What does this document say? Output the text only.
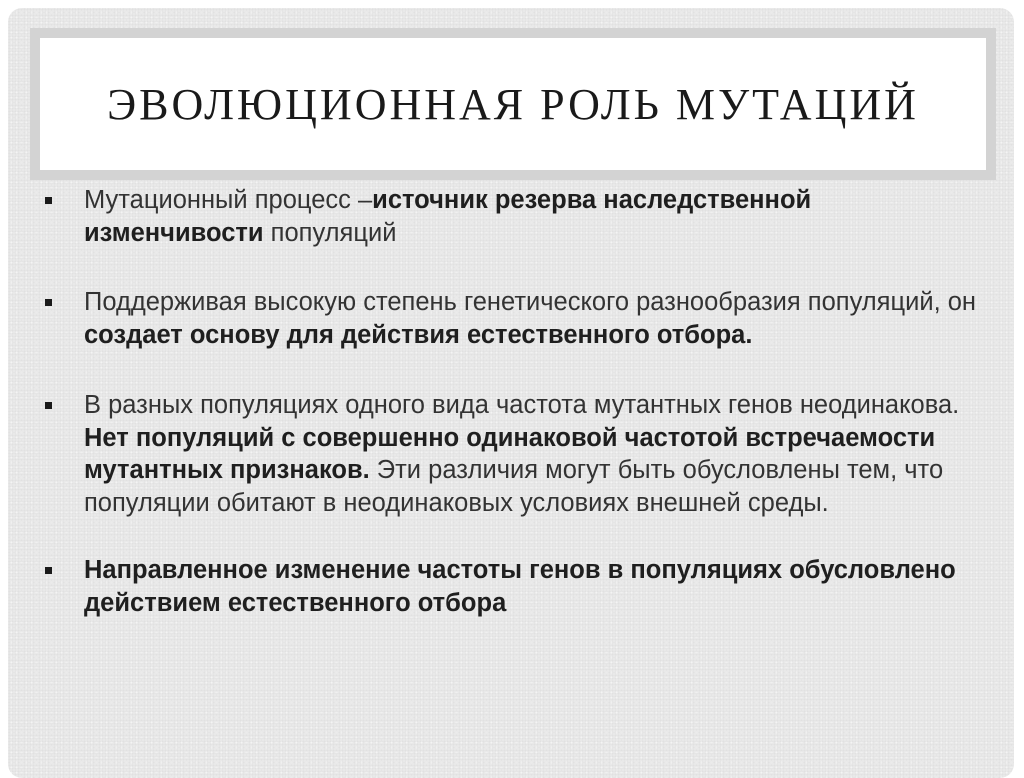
ЭВОЛЮЦИОННАЯ РОЛЬ МУТАЦИЙ
Мутационный процесс –источник резерва наследственной изменчивости популяций
Поддерживая высокую степень генетического разнообразия популяций, он создает основу для действия естественного отбора.
В разных популяциях одного вида частота мутантных генов неодинакова. Нет популяций с совершенно одинаковой частотой встречаемости мутантных признаков. Эти различия могут быть обусловлены тем, что популяции обитают в неодинаковых условиях внешней среды.
Направленное изменение частоты генов в популяциях обусловлено действием естественного отбора
